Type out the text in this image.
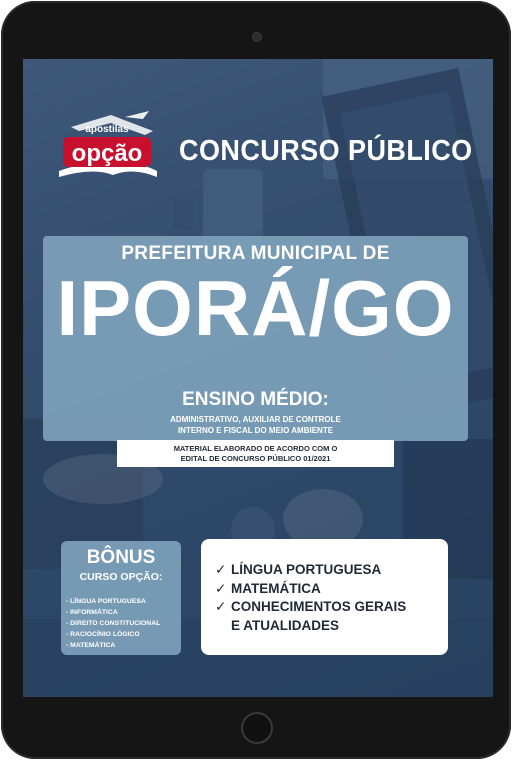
apostilas
opção CONCURSO PÚBLICO
PREFEITURA MUNICIPAL DE
IPORÁ/GO
ENSINO MÉDIO:
ADMINISTRATIVO, AUXILIAR DE CONTROLE
INTERNO E FISCAL DO MEIO AMBIENTE
MATERIAL ELABORADO DE ACORDO COM O
EDITAL DE CONCURSO PÚBLICO 01/2021
BÔNUS
CURSO OPÇÃO:
- LÍNGUA PORTUGUESA
- INFORMÁTICA
- DIREITO CONSTITUCIONAL
- RACIOCÍNIO LÓGICO
- MATEMÁTICA
✓ LÍNGUA PORTUGUESA
✓ MATEMÁTICA
✓ CONHECIMENTOS GERAIS
E ATUALIDADES
